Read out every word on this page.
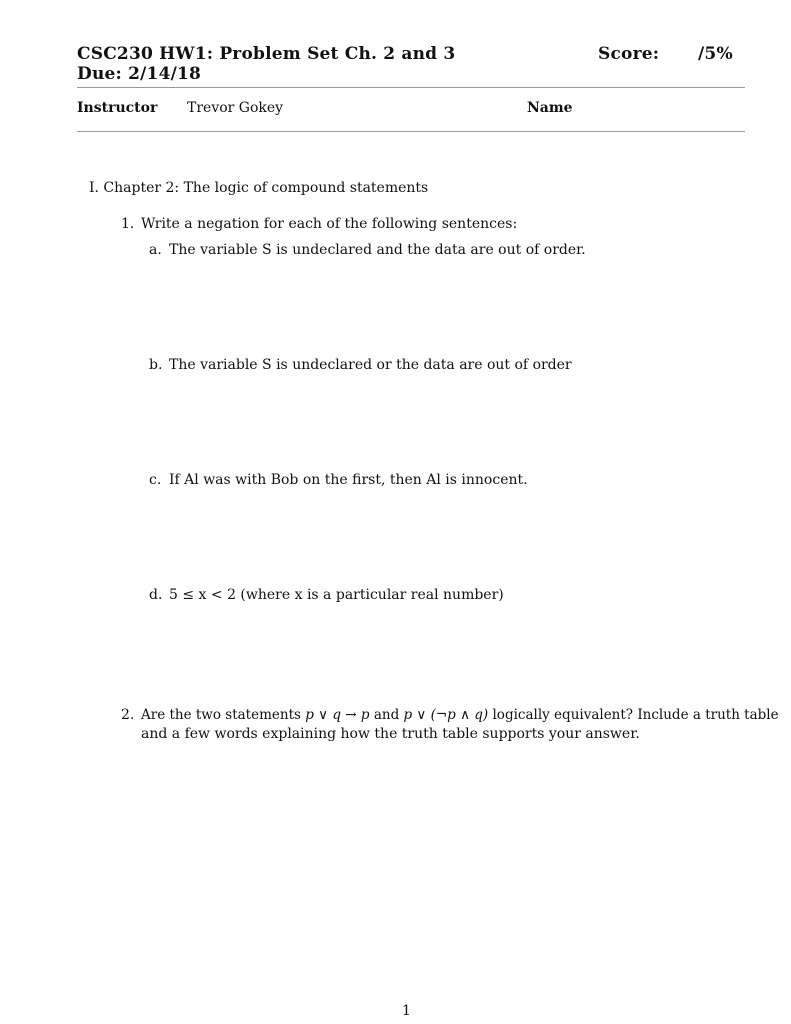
CSC230 HW1: Problem Set Ch. 2 and 3
Due: 2/14/18
Score: /5%
Instructor Trevor Gokey	Name
I. Chapter 2: The logic of compound statements
1. Write a negation for each of the following sentences:
a. The variable S is undeclared and the data are out of order.
b. The variable S is undeclared or the data are out of order
c. If Al was with Bob on the first, then Al is innocent.
d. 5 ≤ x < 2 (where x is a particular real number)
2. Are the two statements p ∨ q → p and p ∨ (¬p ∧ q) logically equivalent? Include a truth table
and a few words explaining how the truth table supports your answer.
1
